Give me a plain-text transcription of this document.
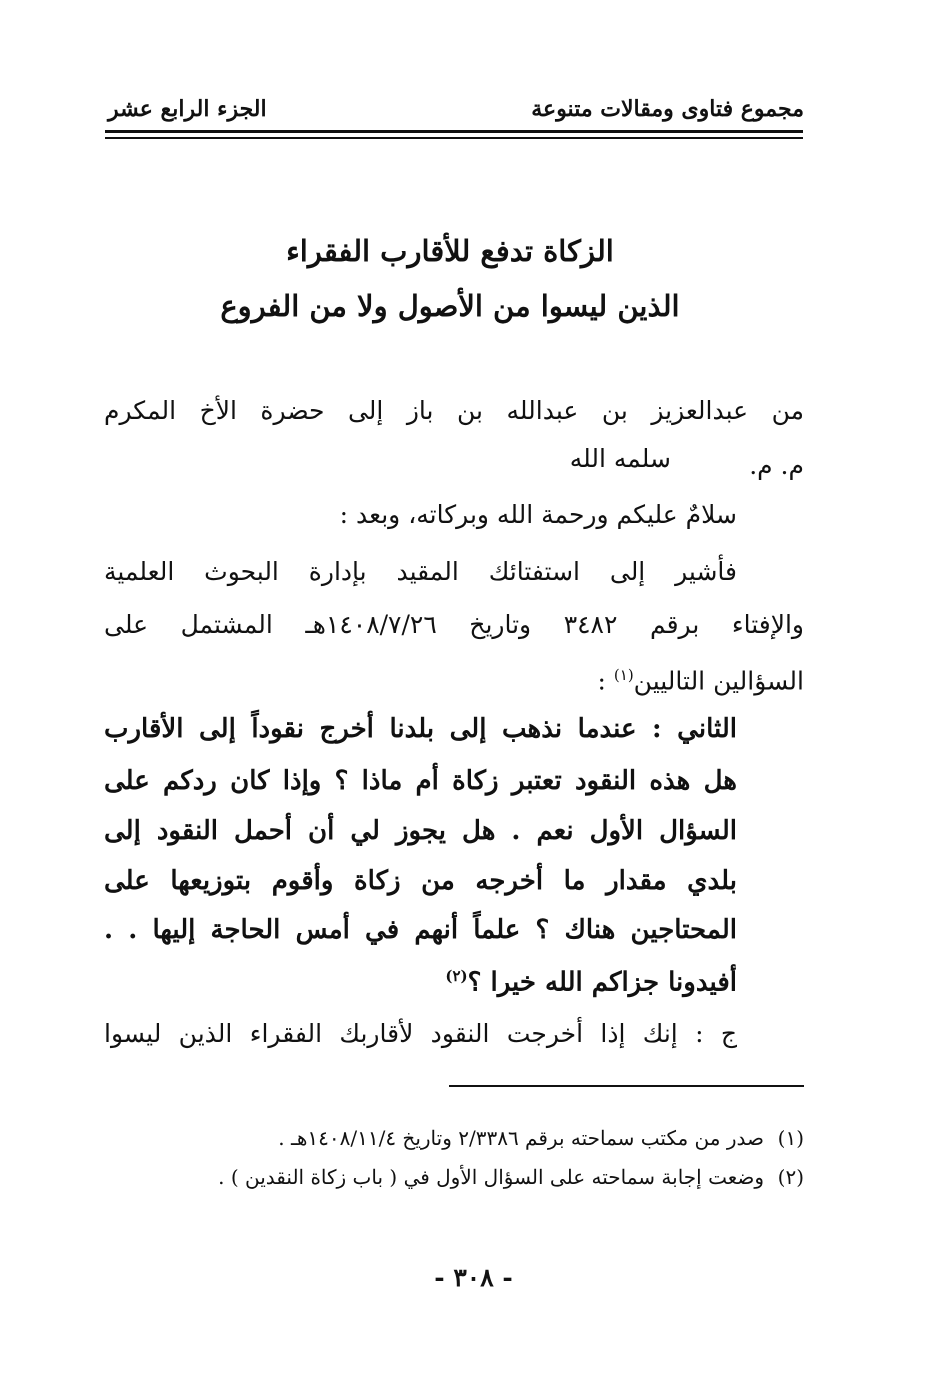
مجموع فتاوى ومقالات متنوعة
الجزء الرابع عشر
الزكاة تدفع للأقارب الفقراء
الذين ليسوا من الأصول ولا من الفروع
من عبدالعزيز بن عبدالله بن باز إلى حضرة الأخ المكرم
م. م.
سلمه الله
سلامٌ عليكم ورحمة الله وبركاته، وبعد :
فأشير إلى استفتائك المقيد بإدارة البحوث العلمية
والإفتاء برقم ٣٤٨٢ وتاريخ ١٤٠٨/٧/٢٦هـ المشتمل على
السؤالين التاليين$^{(١)}$ :
الثاني : عندما نذهب إلى بلدنا أخرج نقوداً إلى الأقارب
هل هذه النقود تعتبر زكاة أم ماذا ؟ وإذا كان ردكم على
السؤال الأول نعم . هل يجوز لي أن أحمل النقود إلى
بلدي مقدار ما أخرجه من زكاة وأقوم بتوزيعها على
المحتاجين هناك ؟ علماً أنهم في أمس الحاجة إليها . .
أفيدونا جزاكم الله خيرا ؟$^{(٢)}$
ج : إنك إذا أخرجت النقود لأقاربك الفقراء الذين ليسوا
(١)صدر من مكتب سماحته برقم ٢/٣٣٨٦ وتاريخ ١٤٠٨/١١/٤هـ .
(٢)وضعت إجابة سماحته على السؤال الأول في ( باب زكاة النقدين ) .
- ٣٠٨ -
